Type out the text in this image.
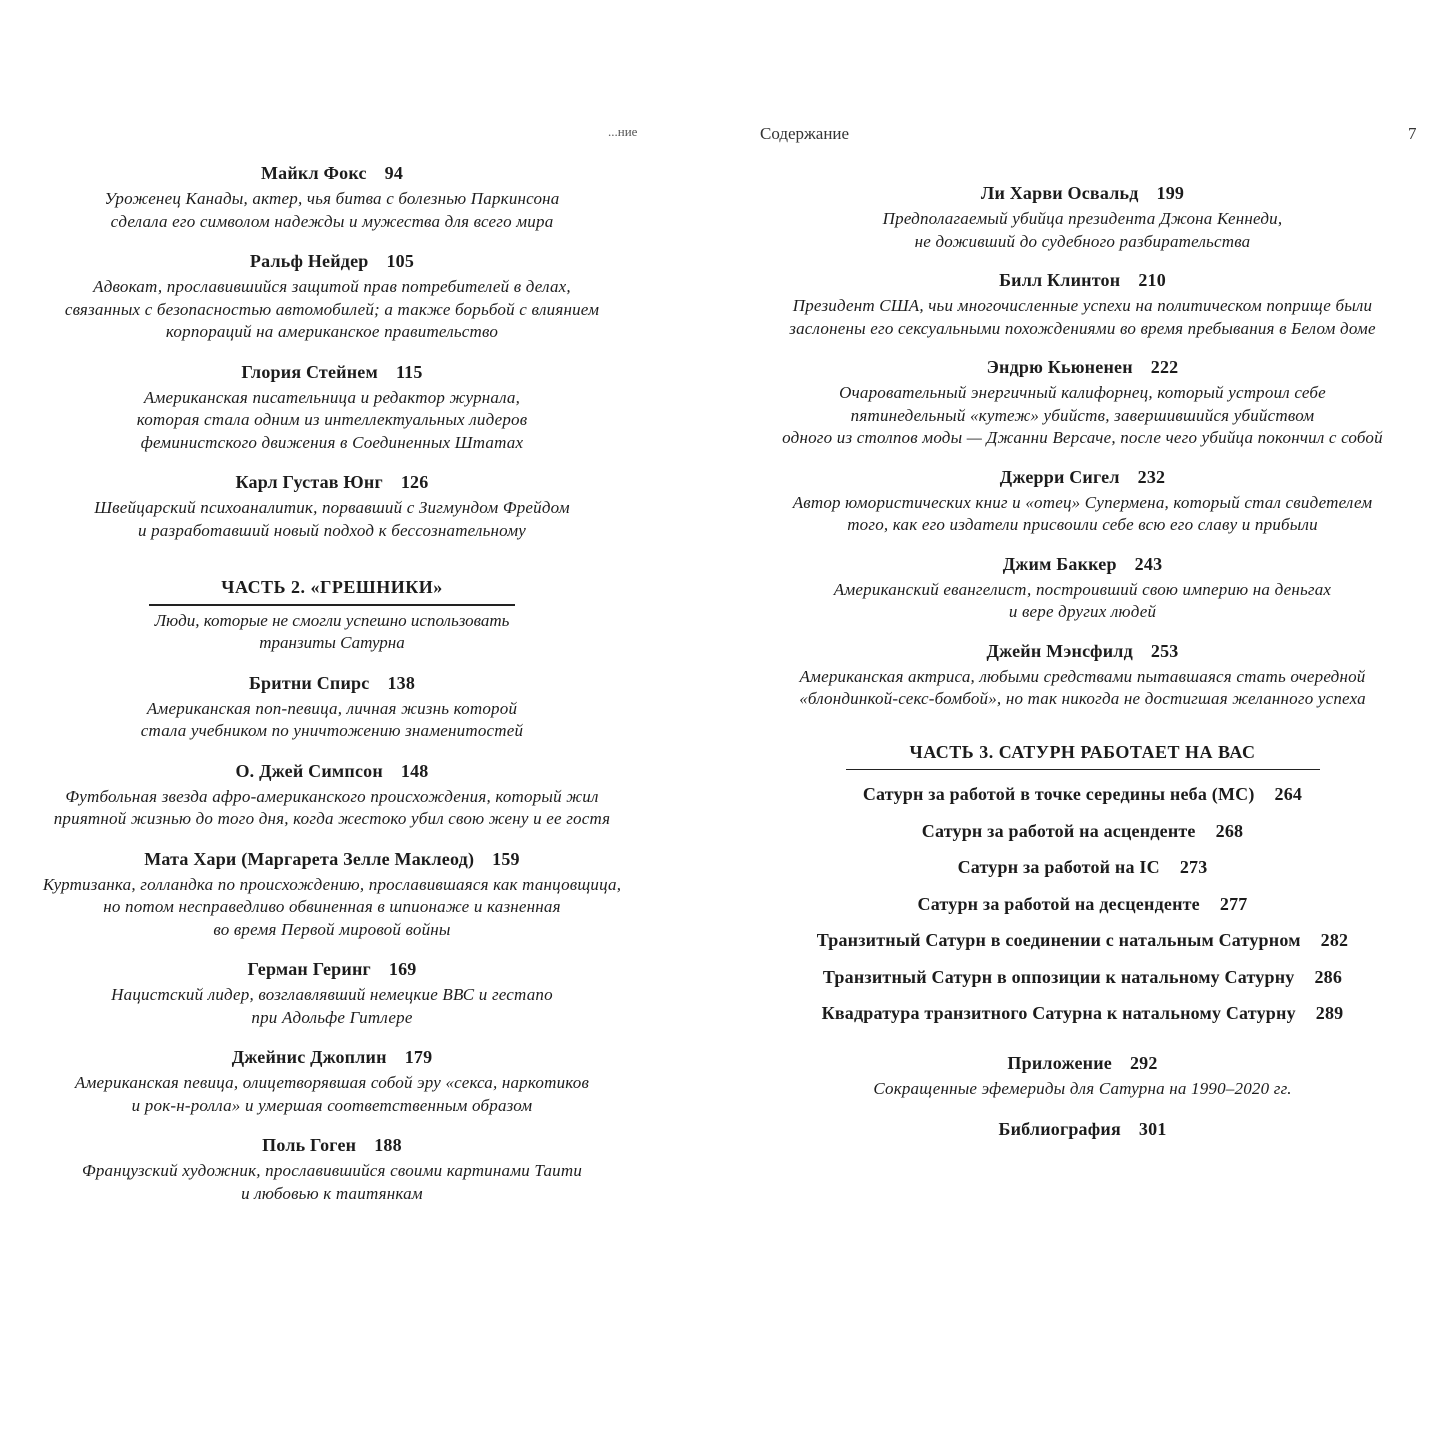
...ние	Содержание	7
Майкл Фокс 94
Уроженец Канады, актер, чья битва с болезнью Паркинсона
сделала его символом надежды и мужества для всего мира
Ральф Нейдер 105
Адвокат, прославившийся защитой прав потребителей в делах,
связанных с безопасностью автомобилей; а также борьбой с влиянием
корпораций на американское правительство
Глория Стейнем 115
Американская писательница и редактор журнала,
которая стала одним из интеллектуальных лидеров
феминистского движения в Соединенных Штатах
Карл Густав Юнг 126
Швейцарский психоаналитик, порвавший с Зигмундом Фрейдом
и разработавший новый подход к бессознательному
ЧАСТЬ 2. «ГРЕШНИКИ»
Люди, которые не смогли успешно использовать
транзиты Сатурна
Бритни Спирс 138
Американская поп-певица, личная жизнь которой
стала учебником по уничтожению знаменитостей
О. Джей Симпсон 148
Футбольная звезда афро-американского происхождения, который жил
приятной жизнью до того дня, когда жестоко убил свою жену и ее гостя
Мата Хари (Маргарета Зелле Маклеод) 159
Куртизанка, голландка по происхождению, прославившаяся как танцовщица,
но потом несправедливо обвиненная в шпионаже и казненная
во время Первой мировой войны
Герман Геринг 169
Нацистский лидер, возглавлявший немецкие ВВС и гестапо
при Адольфе Гитлере
Джейнис Джоплин 179
Американская певица, олицетворявшая собой эру «секса, наркотиков
и рок-н-ролла» и умершая соответственным образом
Поль Гоген 188
Французский художник, прославившийся своими картинами Таити
и любовью к таитянкам
Ли Харви Освальд 199
Предполагаемый убийца президента Джона Кеннеди,
не доживший до судебного разбирательства
Билл Клинтон 210
Президент США, чьи многочисленные успехи на политическом поприще были
заслонены его сексуальными похождениями во время пребывания в Белом доме
Эндрю Кьюненен 222
Очаровательный энергичный калифорнец, который устроил себе
пятинедельный «кутеж» убийств, завершившийся убийством
одного из столпов моды — Джанни Версаче, после чего убийца покончил с собой
Джерри Сигел 232
Автор юмористических книг и «отец» Супермена, который стал свидетелем
того, как его издатели присвоили себе всю его славу и прибыли
Джим Баккер 243
Американский евангелист, построивший свою империю на деньгах
и вере других людей
Джейн Мэнсфилд 253
Американская актриса, любыми средствами пытавшаяся стать очередной
«блондинкой-секс-бомбой», но так никогда не достигшая желанного успеха
ЧАСТЬ 3. САТУРН РАБОТАЕТ НА ВАС
Сатурн за работой в точке середины неба (МС) 264
Сатурн за работой на асценденте 268
Сатурн за работой на IC 273
Сатурн за работой на десценденте 277
Транзитный Сатурн в соединении с натальным Сатурном 282
Транзитный Сатурн в оппозиции к натальному Сатурну 286
Квадратура транзитного Сатурна к натальному Сатурну 289
Приложение 292
Сокращенные эфемериды для Сатурна на 1990–2020 гг.
Библиография 301
